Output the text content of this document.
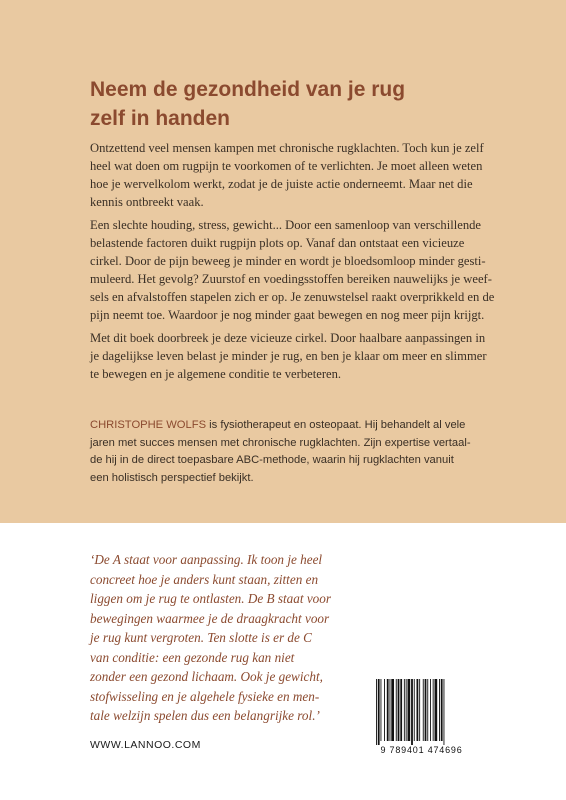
Neem de gezondheid van je rug
zelf in handen
Ontzettend veel mensen kampen met chronische rugklachten. Toch kun je zelf
heel wat doen om rugpijn te voorkomen of te verlichten. Je moet alleen weten
hoe je wervelkolom werkt, zodat je de juiste actie onderneemt. Maar net die
kennis ontbreekt vaak.
Een slechte houding, stress, gewicht... Door een samenloop van verschillende
belastende factoren duikt rugpijn plots op. Vanaf dan ontstaat een vicieuze
cirkel. Door de pijn beweeg je minder en wordt je bloedsomloop minder gesti-
muleerd. Het gevolg? Zuurstof en voedingsstoffen bereiken nauwelijks je weef-
sels en afvalstoffen stapelen zich er op. Je zenuwstelsel raakt overprikkeld en de
pijn neemt toe. Waardoor je nog minder gaat bewegen en nog meer pijn krijgt.
Met dit boek doorbreek je deze vicieuze cirkel. Door haalbare aanpassingen in
je dagelijkse leven belast je minder je rug, en ben je klaar om meer en slimmer
te bewegen en je algemene conditie te verbeteren.
CHRISTOPHE WOLFS is fysiotherapeut en osteopaat. Hij behandelt al vele
jaren met succes mensen met chronische rugklachten. Zijn expertise vertaal-
de hij in de direct toepasbare ABC-methode, waarin hij rugklachten vanuit
een holistisch perspectief bekijkt.
‘De A staat voor aanpassing. Ik toon je heel
concreet hoe je anders kunt staan, zitten en
liggen om je rug te ontlasten. De B staat voor
bewegingen waarmee je de draagkracht voor
je rug kunt vergroten. Ten slotte is er de C
van conditie: een gezonde rug kan niet
zonder een gezond lichaam. Ook je gewicht,
stofwisseling en je algehele fysieke en men-
tale welzijn spelen dus een belangrijke rol.’
WWW.LANNOO.COM	9 789401 474696
